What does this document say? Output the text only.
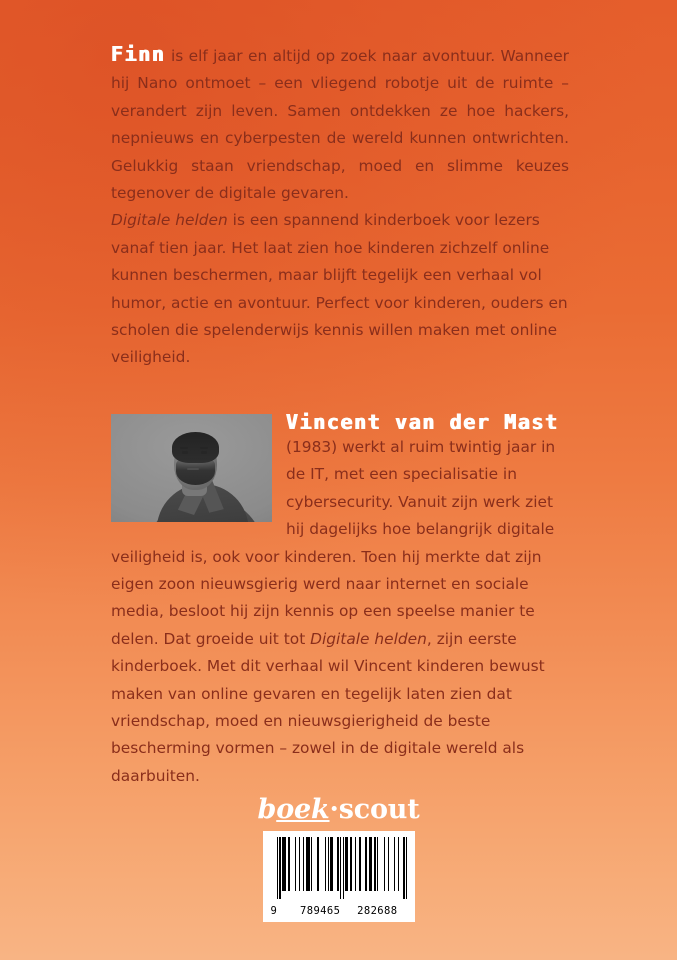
Finn is elf jaar en altijd op zoek naar avontuur. Wanneer hij Nano ontmoet – een vliegend robotje uit de ruimte – verandert zijn leven. Samen ontdekken ze hoe hackers, nepnieuws en cyberpesten de wereld kunnen ontwrichten. Gelukkig staan vriendschap, moed en slimme keuzes tegenover de digitale gevaren.

Digitale helden is een spannend kinderboek voor lezers vanaf tien jaar. Het laat zien hoe kinderen zichzelf online kunnen beschermen, maar blijft tegelijk een verhaal vol humor, actie en avontuur. Perfect voor kinderen, ouders en scholen die spelenderwijs kennis willen maken met online veiligheid.

Vincent van der Mast
(1983) werkt al ruim twintig jaar in de IT, met een specialisatie in cybersecurity. Vanuit zijn werk ziet hij dagelijks hoe belangrijk digitale veiligheid is, ook voor kinderen. Toen hij merkte dat zijn eigen zoon nieuwsgierig werd naar internet en sociale media, besloot hij zijn kennis op een speelse manier te delen. Dat groeide uit tot Digitale helden, zijn eerste kinderboek. Met dit verhaal wil Vincent kinderen bewust maken van online gevaren en tegelijk laten zien dat vriendschap, moed en nieuwsgierigheid de beste bescherming vormen – zowel in de digitale wereld als daarbuiten.

boek·scout
9 789465 282688
